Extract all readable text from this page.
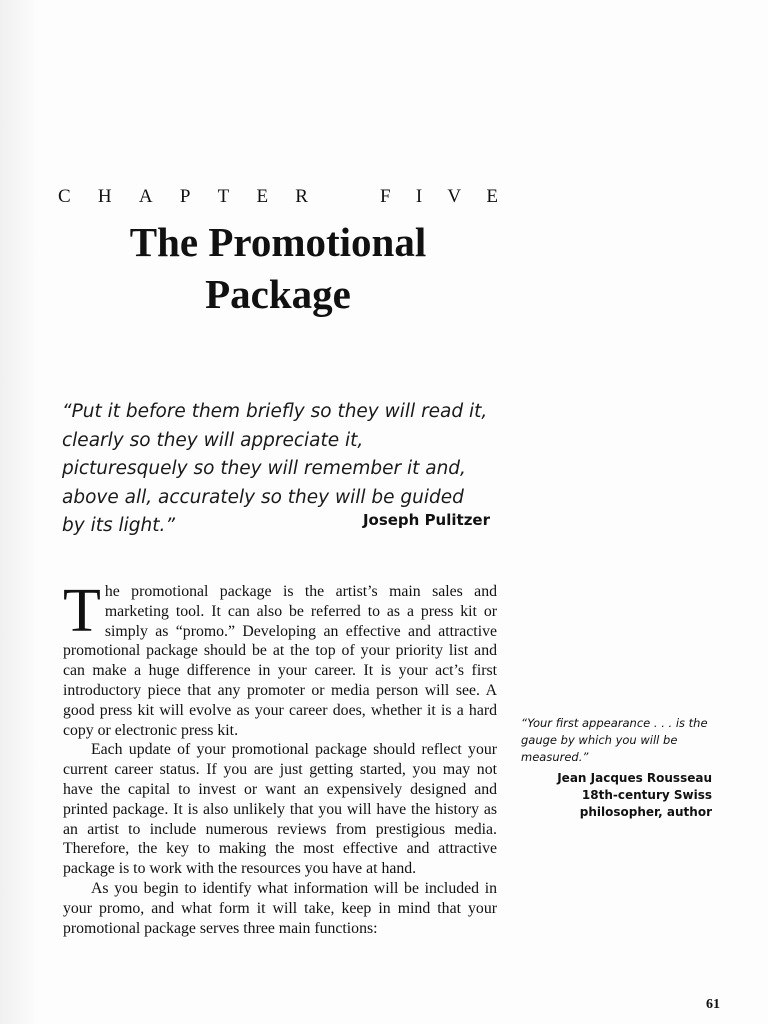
C H A P T E R	F I V E
The Promotional
Package
“Put it before them briefly so they will read it, clearly so they will appreciate it, picturesquely so they will remember it and, above all, accurately so they will be guided by its light.”	Joseph Pulitzer

The promotional package is the artist’s main sales and marketing tool. It can also be referred to as a press kit or simply as “promo.” Developing an effective and attractive promotional package should be at the top of your priority list and can make a huge difference in your career. It is your act’s first introductory piece that any promoter or media person will see. A good press kit will evolve as your career does, whether it is a hard copy or electronic press kit.

Each update of your promotional package should reflect your current career status. If you are just getting started, you may not have the capital to invest or want an expensively designed and printed package. It is also unlikely that you will have the history as an artist to include numerous reviews from prestigious media. Therefore, the key to making the most effective and attractive package is to work with the resources you have at hand.

As you begin to identify what information will be included in your promo, and what form it will take, keep in mind that your promotional package serves three main functions:

“Your first appearance . . . is the gauge by which you will be measured.”
Jean Jacques Rousseau
18th-century Swiss
philosopher, author
61
